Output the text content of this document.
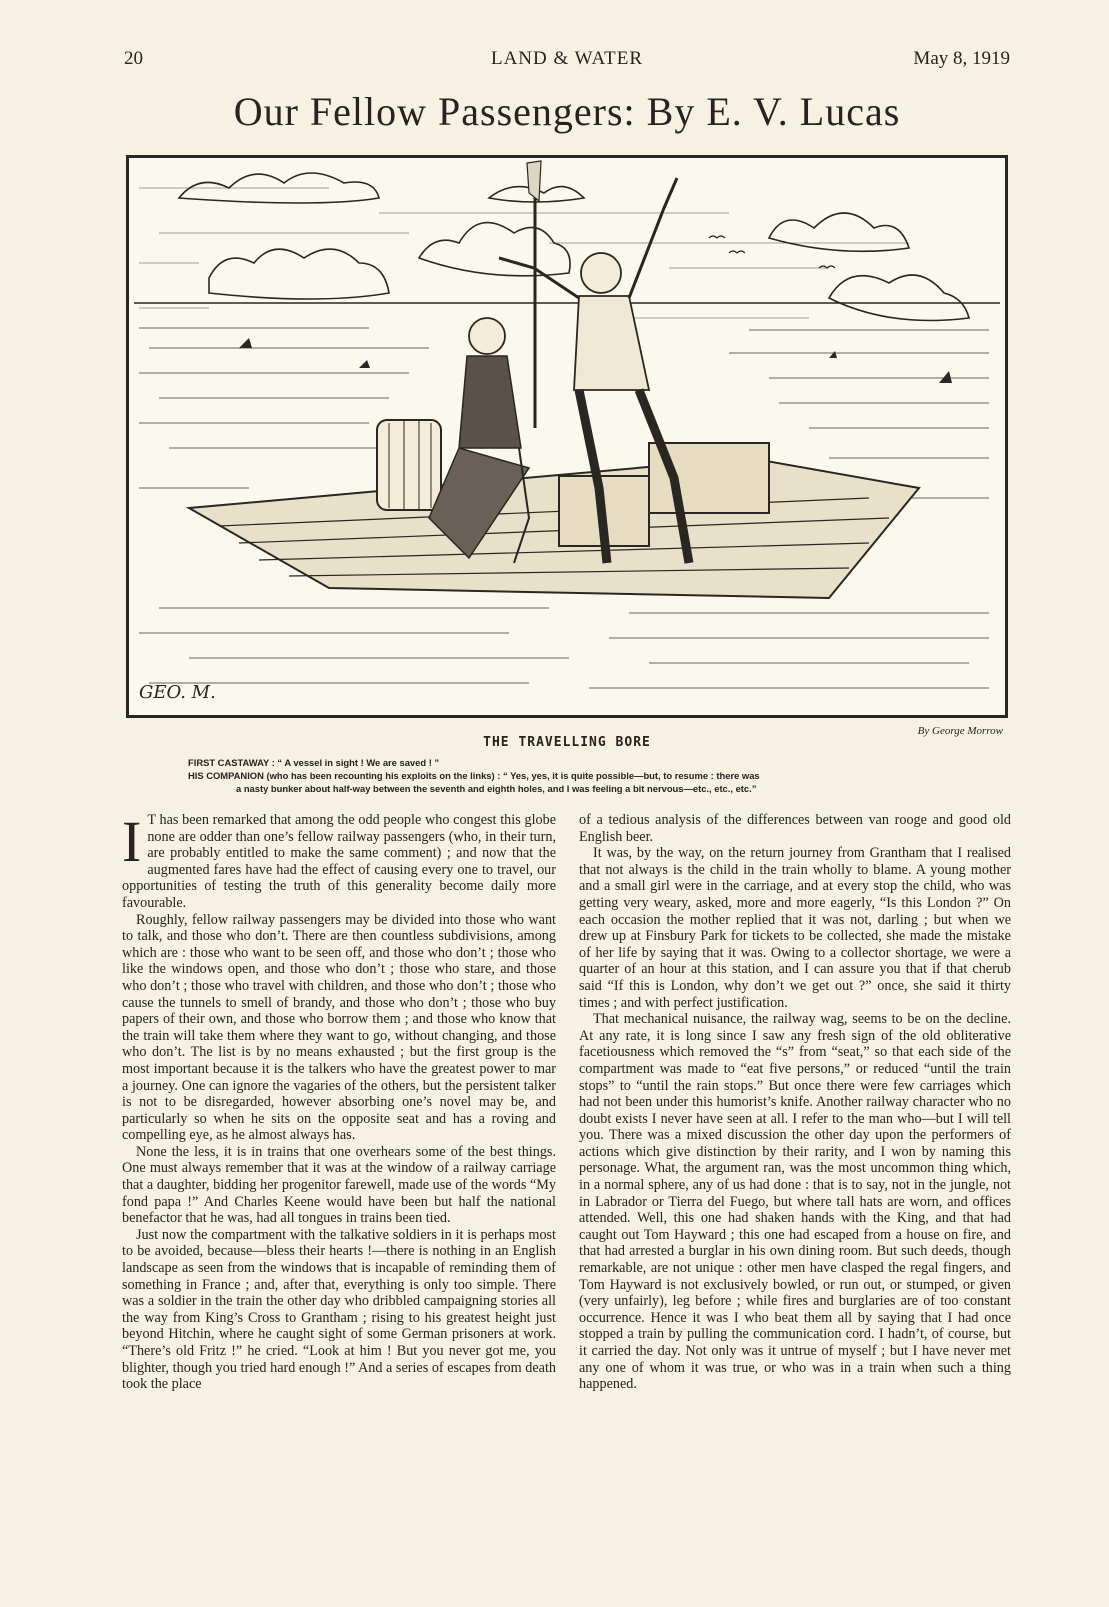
20	LAND & WATER	May 8, 1919
Our Fellow Passengers: By E. V. Lucas
GEO. M.
By George Morrow
THE TRAVELLING BORE
FIRST CASTAWAY : “ A vessel in sight ! We are saved ! ”
HIS COMPANION (who has been recounting his exploits on the links) : “ Yes, yes, it is quite possible—but, to resume : there was
a nasty bunker about half-way between the seventh and eighth holes, and I was feeling a bit nervous—etc., etc., etc.”

I T has been remarked that among the odd people who congest this globe none are odder than one’s fellow railway passengers (who, in their turn, are probably entitled to make the same comment) ; and now that the augmented fares have had the effect of causing every one to travel, our opportunities of testing the truth of this generality become daily more favourable.

Roughly, fellow railway passengers may be divided into those who want to talk, and those who don’t. There are then countless subdivisions, among which are : those who want to be seen off, and those who don’t ; those who like the windows open, and those who don’t ; those who stare, and those who don’t ; those who travel with children, and those who don’t ; those who cause the tunnels to smell of brandy, and those who don’t ; those who buy papers of their own, and those who borrow them ; and those who know that the train will take them where they want to go, without changing, and those who don’t. The list is by no means exhausted ; but the first group is the most important because it is the talkers who have the greatest power to mar a journey. One can ignore the vagaries of the others, but the persistent talker is not to be disregarded, however absorbing one’s novel may be, and particularly so when he sits on the opposite seat and has a roving and compelling eye, as he almost always has.

None the less, it is in trains that one overhears some of the best things. One must always remember that it was at the window of a railway carriage that a daughter, bidding her progenitor farewell, made use of the words “My fond papa !” And Charles Keene would have been but half the national benefactor that he was, had all tongues in trains been tied.

Just now the compartment with the talkative soldiers in it is perhaps most to be avoided, because—bless their hearts !—there is nothing in an English landscape as seen from the windows that is incapable of reminding them of something in France ; and, after that, everything is only too simple. There was a soldier in the train the other day who dribbled campaigning stories all the way from King’s Cross to Grantham ; rising to his greatest height just beyond Hitchin, where he caught sight of some German prisoners at work. “There’s old Fritz !” he cried. “Look at him ! But you never got me, you blighter, though you tried hard enough !” And a series of escapes from death took the place

of a tedious analysis of the differences between van rooge and good old English beer.

It was, by the way, on the return journey from Grantham that I realised that not always is the child in the train wholly to blame. A young mother and a small girl were in the carriage, and at every stop the child, who was getting very weary, asked, more and more eagerly, “Is this London ?” On each occasion the mother replied that it was not, darling ; but when we drew up at Finsbury Park for tickets to be collected, she made the mistake of her life by saying that it was. Owing to a collector shortage, we were a quarter of an hour at this station, and I can assure you that if that cherub said “If this is London, why don’t we get out ?” once, she said it thirty times ; and with perfect justification.

That mechanical nuisance, the railway wag, seems to be on the decline. At any rate, it is long since I saw any fresh sign of the old obliterative facetiousness which removed the “s” from “seat,” so that each side of the compartment was made to “eat five persons,” or reduced “until the train stops” to “until the rain stops.” But once there were few carriages which had not been under this humorist’s knife. Another railway character who no doubt exists I never have seen at all. I refer to the man who—but I will tell you. There was a mixed discussion the other day upon the performers of actions which give distinction by their rarity, and I won by naming this personage. What, the argument ran, was the most uncommon thing which, in a normal sphere, any of us had done : that is to say, not in the jungle, not in Labrador or Tierra del Fuego, but where tall hats are worn, and offices attended. Well, this one had shaken hands with the King, and that had caught out Tom Hayward ; this one had escaped from a house on fire, and that had arrested a burglar in his own dining room. But such deeds, though remarkable, are not unique : other men have clasped the regal fingers, and Tom Hayward is not exclusively bowled, or run out, or stumped, or given (very unfairly), leg before ; while fires and burglaries are of too constant occurrence. Hence it was I who beat them all by saying that I had once stopped a train by pulling the communication cord. I hadn’t, of course, but it carried the day. Not only was it untrue of myself ; but I have never met any one of whom it was true, or who was in a train when such a thing happened.
